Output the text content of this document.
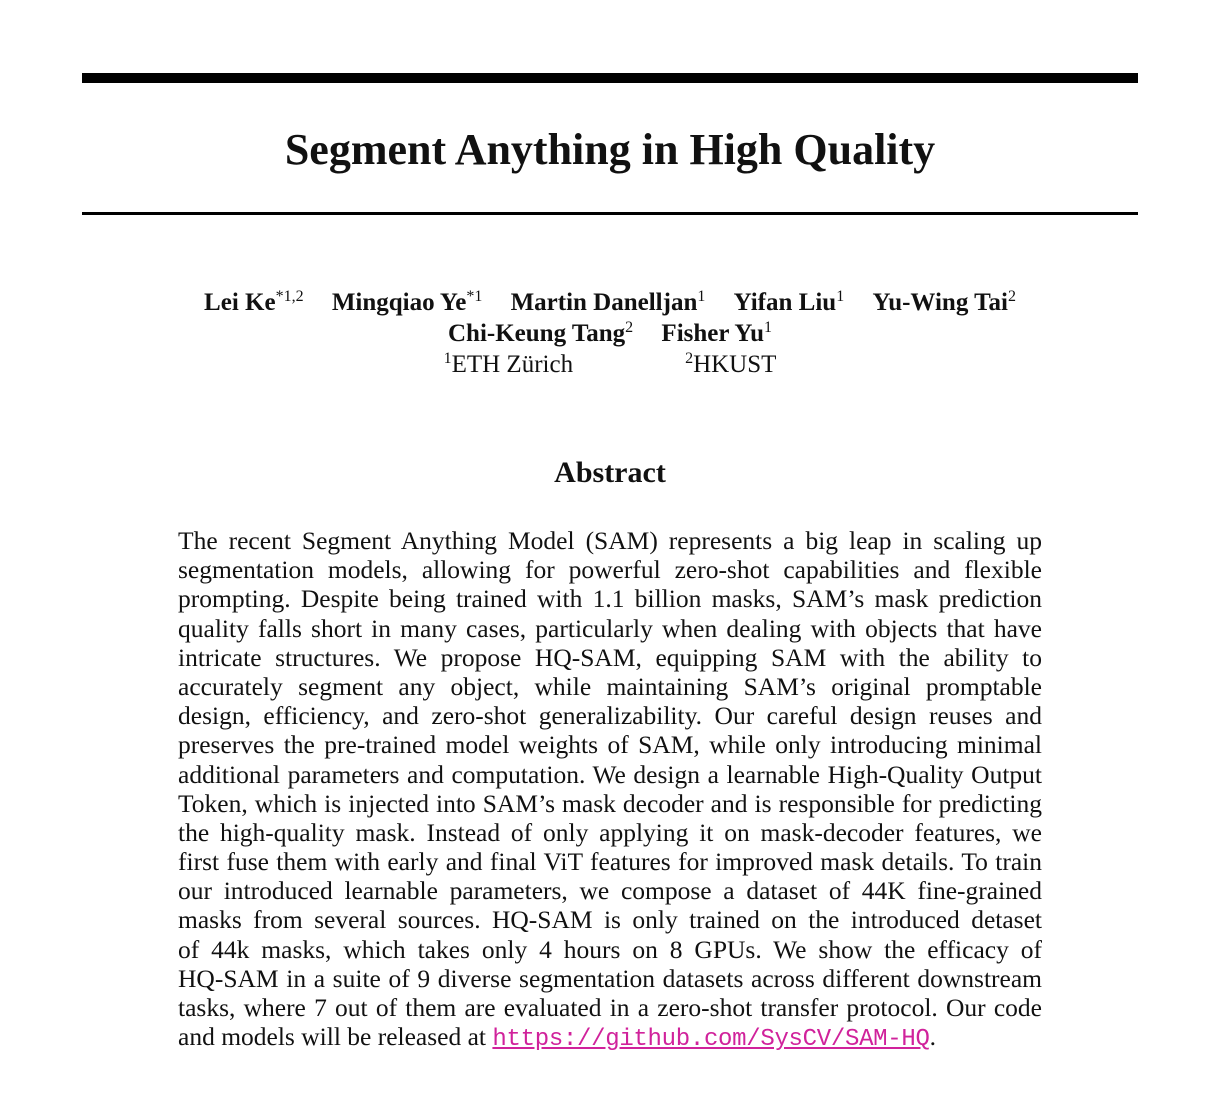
Segment Anything in High Quality
Lei Ke$^{*1,2}$ Mingqiao Ye$^{*1}$ Martin Danelljan$^1$ Yifan Liu$^1$ Yu-Wing Tai$^2$
Chi-Keung Tang$^2$ Fisher Yu$^1$
$^1$ETH Zürich	$^2$HKUST
Abstract
The recent Segment Anything Model (SAM) represents a big leap in scaling up
segmentation models, allowing for powerful zero-shot capabilities and flexible
prompting. Despite being trained with 1.1 billion masks, SAM’s mask prediction
quality falls short in many cases, particularly when dealing with objects that have
intricate structures. We propose HQ-SAM, equipping SAM with the ability to
accurately segment any object, while maintaining SAM’s original promptable
design, efficiency, and zero-shot generalizability. Our careful design reuses and
preserves the pre-trained model weights of SAM, while only introducing minimal
additional parameters and computation. We design a learnable High-Quality Output
Token, which is injected into SAM’s mask decoder and is responsible for predicting
the high-quality mask. Instead of only applying it on mask-decoder features, we
first fuse them with early and final ViT features for improved mask details. To train
our introduced learnable parameters, we compose a dataset of 44K fine-grained
masks from several sources. HQ-SAM is only trained on the introduced detaset
of 44k masks, which takes only 4 hours on 8 GPUs. We show the efficacy of
HQ-SAM in a suite of 9 diverse segmentation datasets across different downstream
tasks, where 7 out of them are evaluated in a zero-shot transfer protocol. Our code
and models will be released at https://github.com/SysCV/SAM-HQ.
